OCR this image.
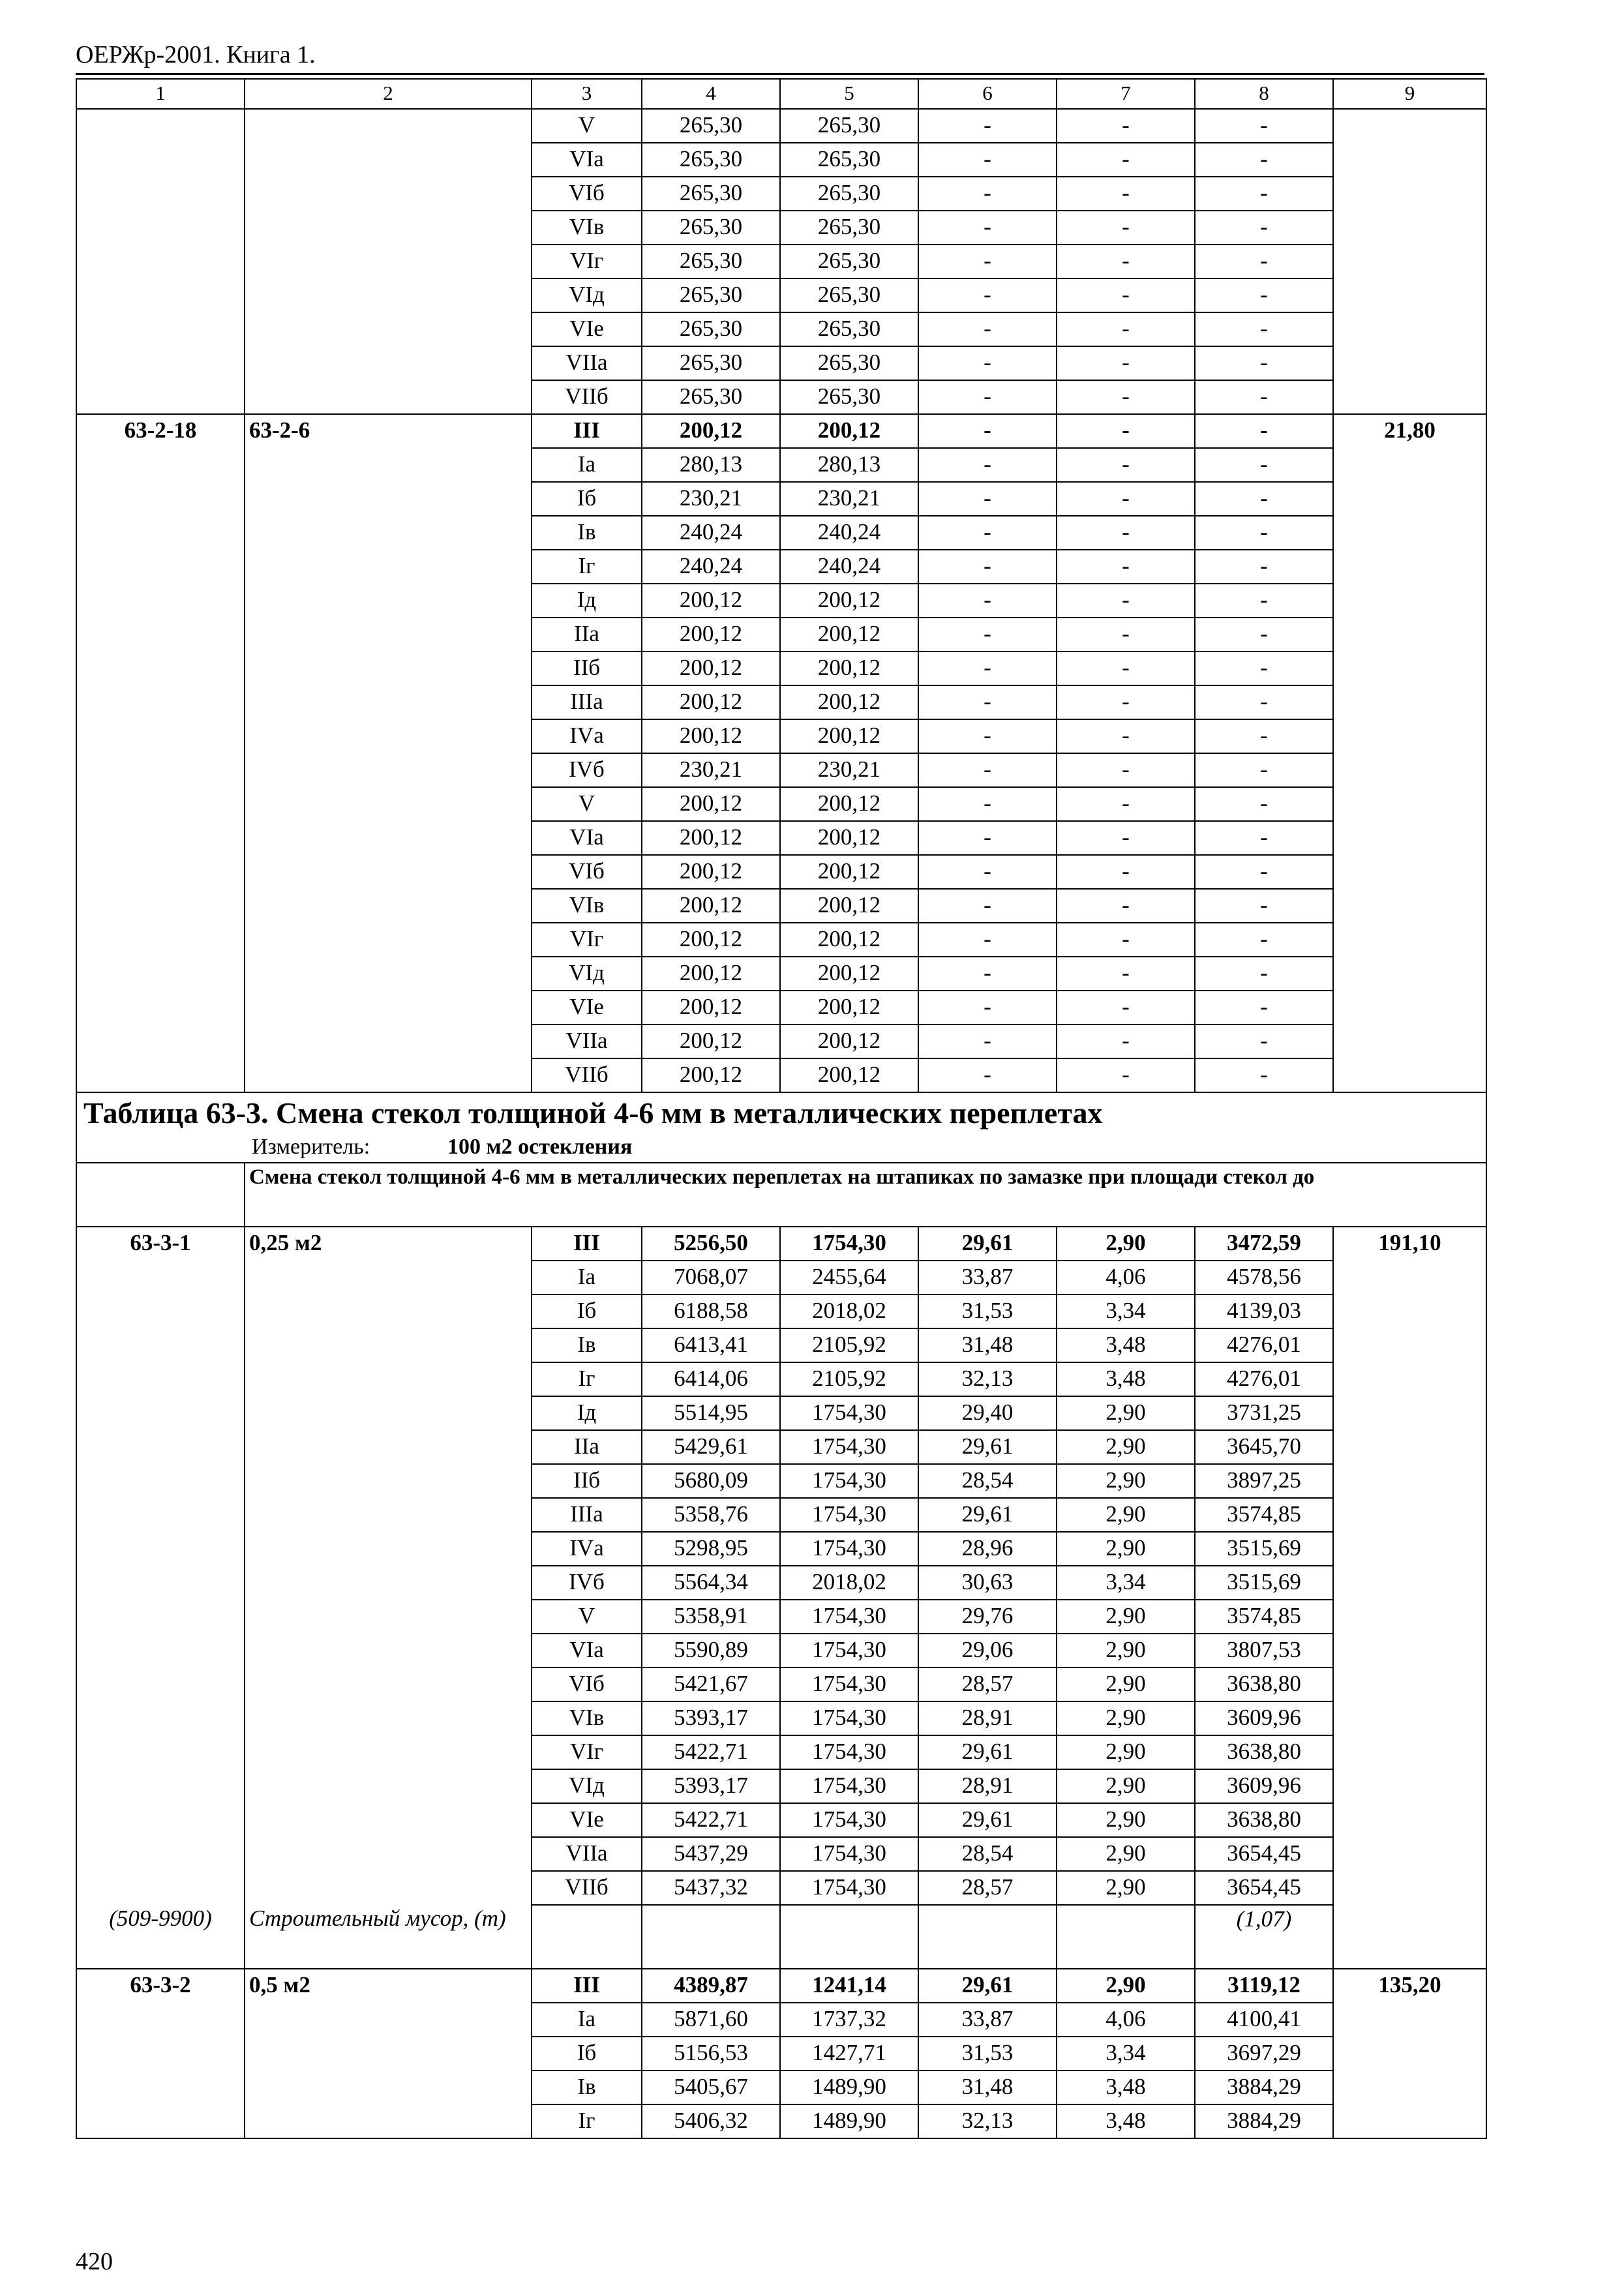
ОЕРЖр-2001. Книга 1.
1	2	3	4	5	6	7	8	9
		V	265,30	265,30	-	-	-	
		VIа	265,30	265,30	-	-	-	
		VIб	265,30	265,30	-	-	-	
		VIв	265,30	265,30	-	-	-	
		VIг	265,30	265,30	-	-	-	
		VIд	265,30	265,30	-	-	-	
		VIе	265,30	265,30	-	-	-	
		VIIа	265,30	265,30	-	-	-	
		VIIб	265,30	265,30	-	-	-	
63-2-18	63-2-6	III	200,12	200,12	-	-	-	21,80
		Iа	280,13	280,13	-	-	-	
		Iб	230,21	230,21	-	-	-	
		Iв	240,24	240,24	-	-	-	
		Iг	240,24	240,24	-	-	-	
		Iд	200,12	200,12	-	-	-	
		IIа	200,12	200,12	-	-	-	
		IIб	200,12	200,12	-	-	-	
		IIIа	200,12	200,12	-	-	-	
		IVа	200,12	200,12	-	-	-	
		IVб	230,21	230,21	-	-	-	
		V	200,12	200,12	-	-	-	
		VIа	200,12	200,12	-	-	-	
		VIб	200,12	200,12	-	-	-	
		VIв	200,12	200,12	-	-	-	
		VIг	200,12	200,12	-	-	-	
		VIд	200,12	200,12	-	-	-	
		VIе	200,12	200,12	-	-	-	
		VIIа	200,12	200,12	-	-	-	
		VIIб	200,12	200,12	-	-	-	

Таблица 63-3. Смена стекол толщиной 4-6 мм в металлических переплетах
Измеритель: 100 м2 остекления								

	Смена стекол толщиной 4-6 мм в металлических переплетах на штапиках по замазке при площади стекол до							
63-3-1	0,25 м2	III	5256,50	1754,30	29,61	2,90	3472,59	191,10
		Iа	7068,07	2455,64	33,87	4,06	4578,56	
		Iб	6188,58	2018,02	31,53	3,34	4139,03	
		Iв	6413,41	2105,92	31,48	3,48	4276,01	
		Iг	6414,06	2105,92	32,13	3,48	4276,01	
		Iд	5514,95	1754,30	29,40	2,90	3731,25	
		IIа	5429,61	1754,30	29,61	2,90	3645,70	
		IIб	5680,09	1754,30	28,54	2,90	3897,25	
		IIIа	5358,76	1754,30	29,61	2,90	3574,85	
		IVа	5298,95	1754,30	28,96	2,90	3515,69	
		IVб	5564,34	2018,02	30,63	3,34	3515,69	
		V	5358,91	1754,30	29,76	2,90	3574,85	
		VIа	5590,89	1754,30	29,06	2,90	3807,53	
		VIб	5421,67	1754,30	28,57	2,90	3638,80	
		VIв	5393,17	1754,30	28,91	2,90	3609,96	
		VIг	5422,71	1754,30	29,61	2,90	3638,80	
		VIд	5393,17	1754,30	28,91	2,90	3609,96	
		VIе	5422,71	1754,30	29,61	2,90	3638,80	
		VIIа	5437,29	1754,30	28,54	2,90	3654,45	
		VIIб	5437,32	1754,30	28,57	2,90	3654,45	
(509-9900)	Строительный мусор, (т)						(1,07)	
63-3-2	0,5 м2	III	4389,87	1241,14	29,61	2,90	3119,12	135,20
		Iа	5871,60	1737,32	33,87	4,06	4100,41	
		Iб	5156,53	1427,71	31,53	3,34	3697,29	
		Iв	5405,67	1489,90	31,48	3,48	3884,29	
		Iг	5406,32	1489,90	32,13	3,48	3884,29	
420
